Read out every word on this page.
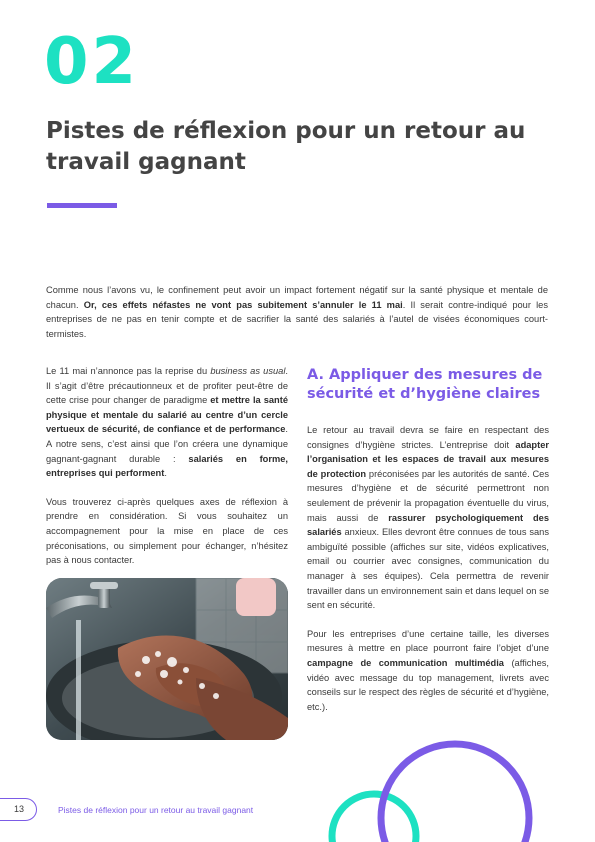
02
Pistes de réflexion pour un retour au travail gagnant

Comme nous l’avons vu, le confinement peut avoir un impact fortement négatif sur la santé physique et mentale de chacun. Or, ces effets néfastes ne vont pas subitement s’annuler le 11 mai. Il serait contre-indiqué pour les entreprises de ne pas en tenir compte et de sacrifier la santé des salariés à l’autel de visées économiques court-termistes.

Le 11 mai n’annonce pas la reprise du business as usual. Il s’agit d’être précautionneux et de profiter peut-être de cette crise pour changer de paradigme et mettre la santé physique et mentale du salarié au centre d’un cercle vertueux de sécurité, de confiance et de performance. A notre sens, c’est ainsi que l’on créera une dynamique gagnant-gagnant durable : salariés en forme, entreprises qui performent.

Vous trouverez ci-après quelques axes de réflexion à prendre en considération. Si vous souhaitez un accompagnement pour la mise en place de ces préconisations, ou simplement pour échanger, n’hésitez pas à nous contacter.

A. Appliquer des mesures de sécurité et d’hygiène claires

Le retour au travail devra se faire en respectant des consignes d’hygiène strictes. L’entreprise doit adapter l’organisation et les espaces de travail aux mesures de protection préconisées par les autorités de santé. Ces mesures d’hygiène et de sécurité permettront non seulement de prévenir la propagation éventuelle du virus, mais aussi de rassurer psychologiquement des salariés anxieux. Elles devront être connues de tous sans ambiguïté possible (affiches sur site, vidéos explicatives, email ou courrier avec consignes, communication du manager à ses équipes). Cela permettra de revenir travailler dans un environnement sain et dans lequel on se sent en sécurité.

Pour les entreprises d’une certaine taille, les diverses mesures à mettre en place pourront faire l’objet d’une campagne de communication multimédia (affiches, vidéo avec message du top management, livrets avec conseils sur le respect des règles de sécurité et d’hygiène, etc.).

13	Pistes de réflexion pour un retour au travail gagnant
